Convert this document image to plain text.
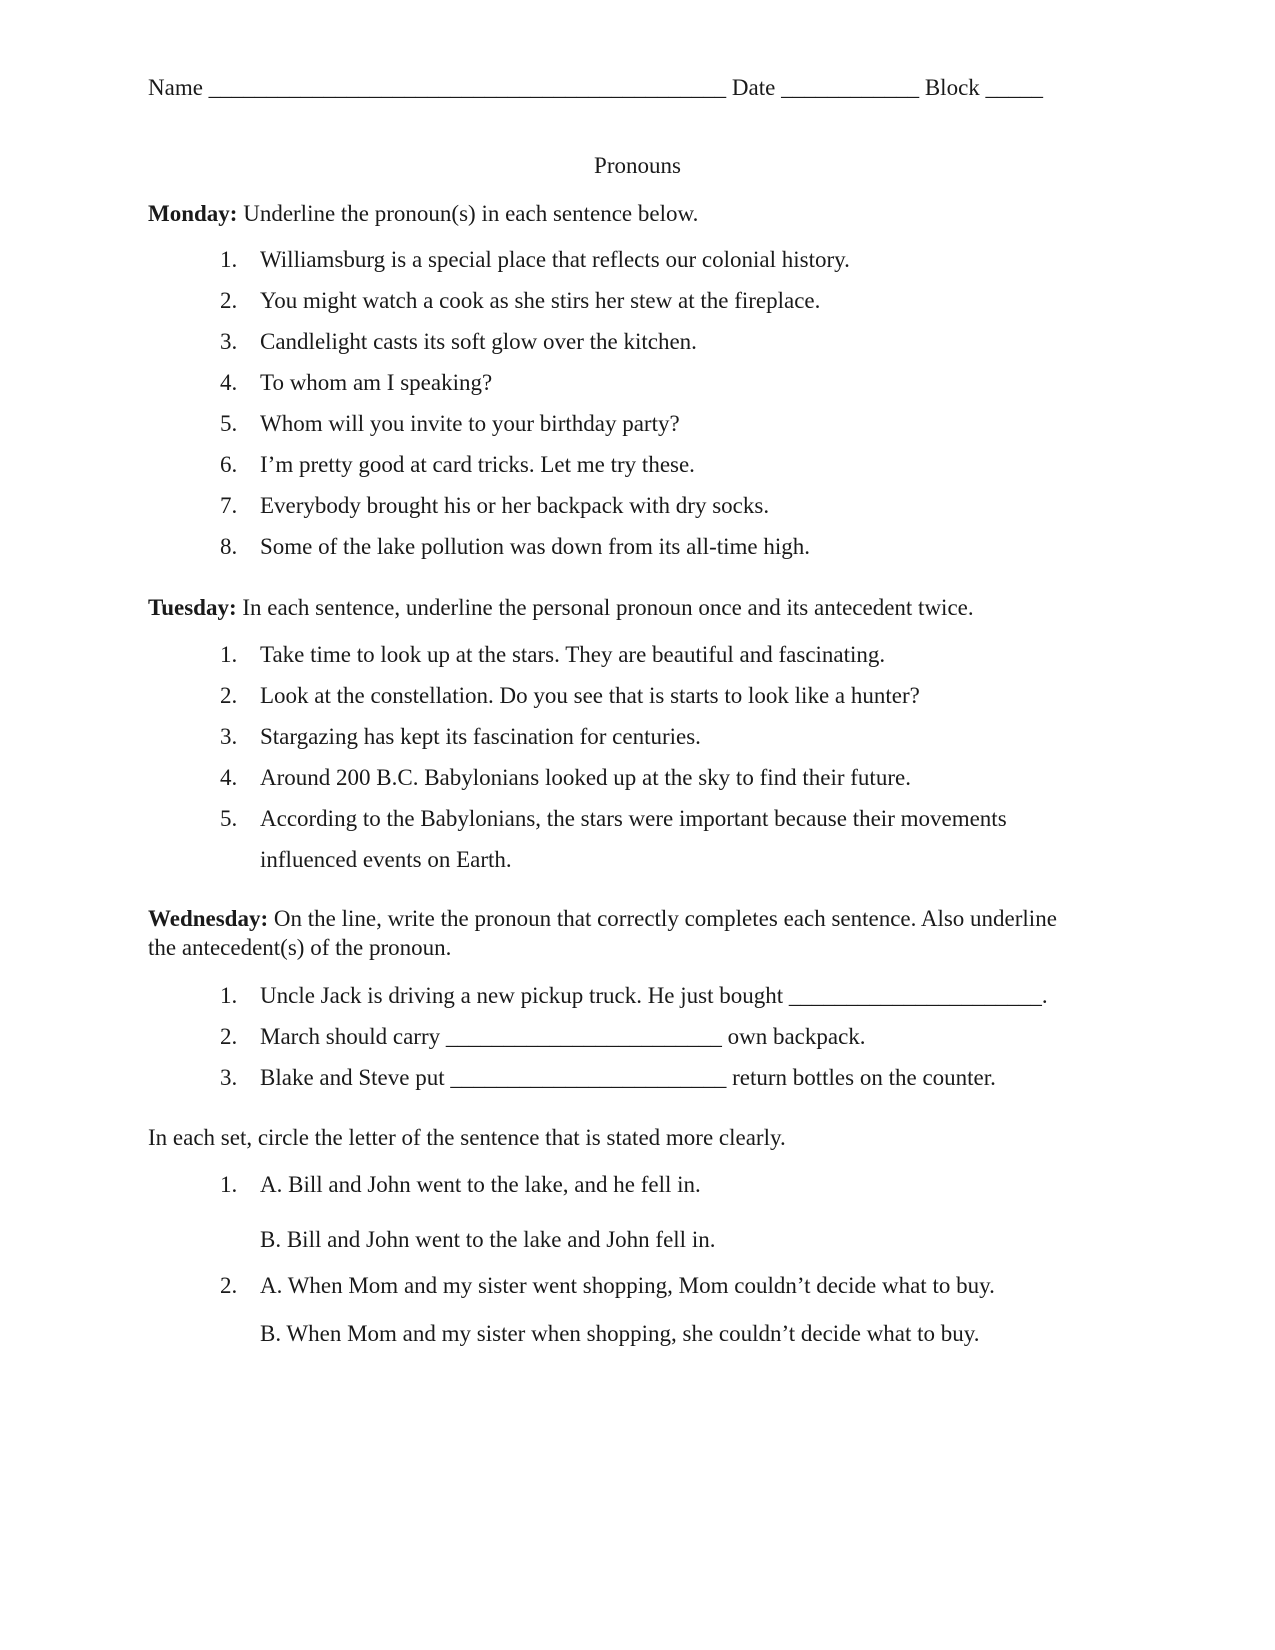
Name _____________________________________________ Date ____________ Block _____
Pronouns
Monday: Underline the pronoun(s) in each sentence below.
1. Williamsburg is a special place that reflects our colonial history.
2. You might watch a cook as she stirs her stew at the fireplace.
3. Candlelight casts its soft glow over the kitchen.
4. To whom am I speaking?
5. Whom will you invite to your birthday party?
6. I’m pretty good at card tricks. Let me try these.
7. Everybody brought his or her backpack with dry socks.
8. Some of the lake pollution was down from its all-time high.
Tuesday: In each sentence, underline the personal pronoun once and its antecedent twice.
1. Take time to look up at the stars. They are beautiful and fascinating.
2. Look at the constellation. Do you see that is starts to look like a hunter?
3. Stargazing has kept its fascination for centuries.
4. Around 200 B.C. Babylonians looked up at the sky to find their future.
5. According to the Babylonians, the stars were important because their movements
influenced events on Earth.
Wednesday: On the line, write the pronoun that correctly completes each sentence. Also underline the antecedent(s) of the pronoun.
1. Uncle Jack is driving a new pickup truck. He just bought ______________________.
2. March should carry ________________________ own backpack.
3. Blake and Steve put ________________________ return bottles on the counter.
In each set, circle the letter of the sentence that is stated more clearly.
1. A. Bill and John went to the lake, and he fell in.
B. Bill and John went to the lake and John fell in.
2. A. When Mom and my sister went shopping, Mom couldn’t decide what to buy.
B. When Mom and my sister when shopping, she couldn’t decide what to buy.
